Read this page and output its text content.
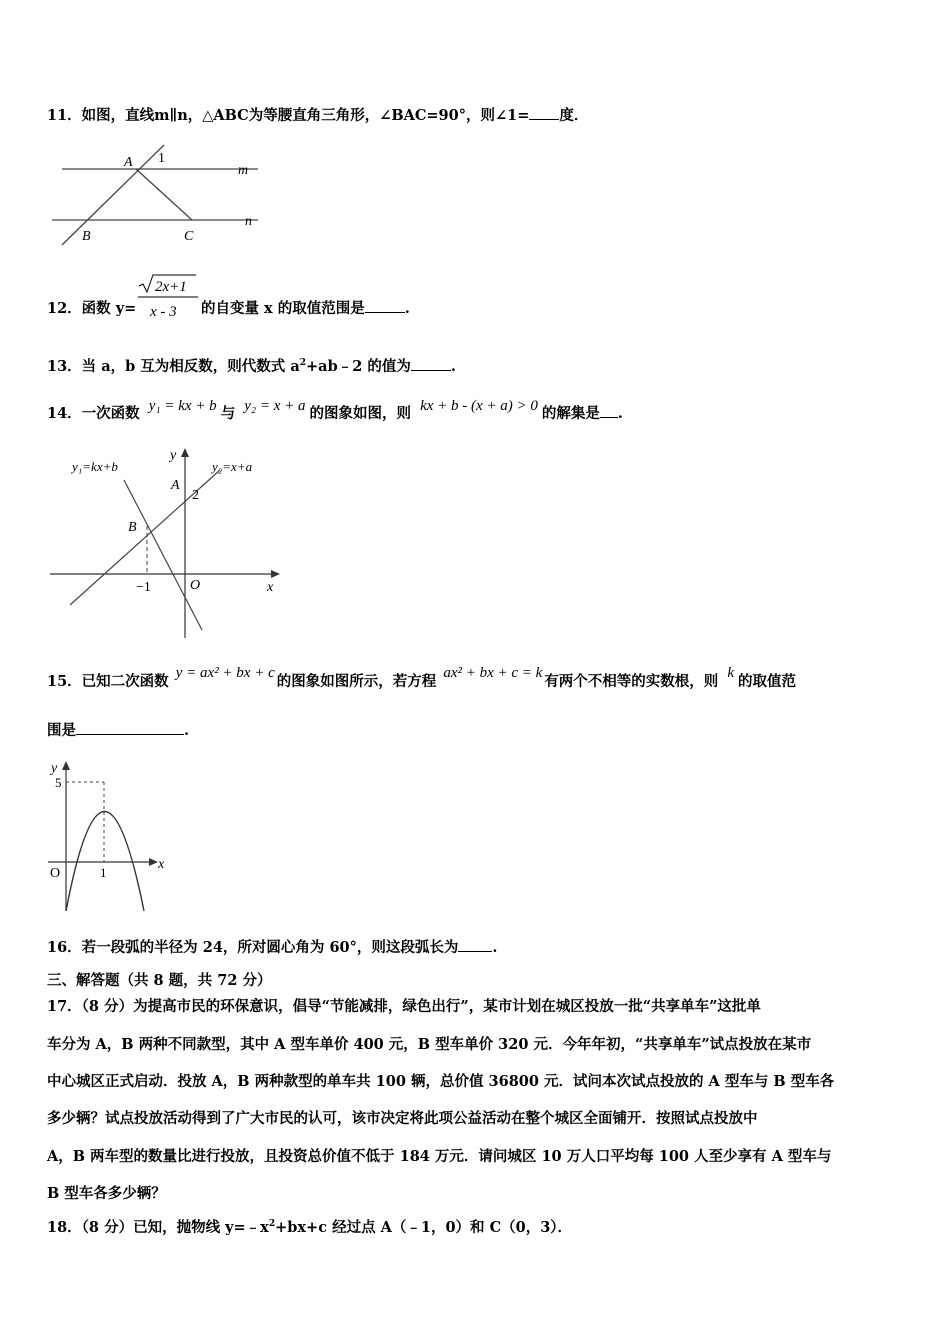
11．如图，直线m∥n，△ABC为等腰直角三角形，∠BAC=90°，则∠1= 度．
A 1
m
n
B	C
12．函数 y=
2x+1
x - 3 的自变量 x 的取值范围是	.
13．当 a，b 互为相反数，则代数式 $a^2+ab﹣2$ 的值为	.
14．一次函数 y₁ = kx + b 与 y₂ = x + a 的图象如图，则 kx + b - (x + a) > 0 的解集是 .
y₁=kx+b	y₂=x+a
y
x
A
2
B
O
−1
15．已知二次函数 y = ax² + bx + c 的图象如图所示，若方程 ax² + bx + c = k 有两个不相等的实数根，则 k 的取值范
围是	.
y
x
O
5
1
16．若一段弧的半径为 24，所对圆心角为 60°，则这段弧长为 .
三、解答题（共 8 题，共 72 分）
17．（8 分）为提高市民的环保意识，倡导“节能减排，绿色出行”，某市计划在城区投放一批“共享单车”这批单
车分为 A，B 两种不同款型，其中 A 型车单价 400 元，B 型车单价 320 元．今年年初，“共享单车”试点投放在某市
中心城区正式启动．投放 A，B 两种款型的单车共 100 辆，总价值 36800 元．试问本次试点投放的 A 型车与 B 型车各
多少辆？试点投放活动得到了广大市民的认可，该市决定将此项公益活动在整个城区全面铺开．按照试点投放中
A，B 两车型的数量比进行投放，且投资总价值不低于 184 万元．请问城区 10 万人口平均每 100 人至少享有 A 型车与
B 型车各多少辆？
18．（8 分）已知，抛物线 $y=﹣x^2+bx+c$ 经过点 A（﹣1，0）和 C（0，3）．
